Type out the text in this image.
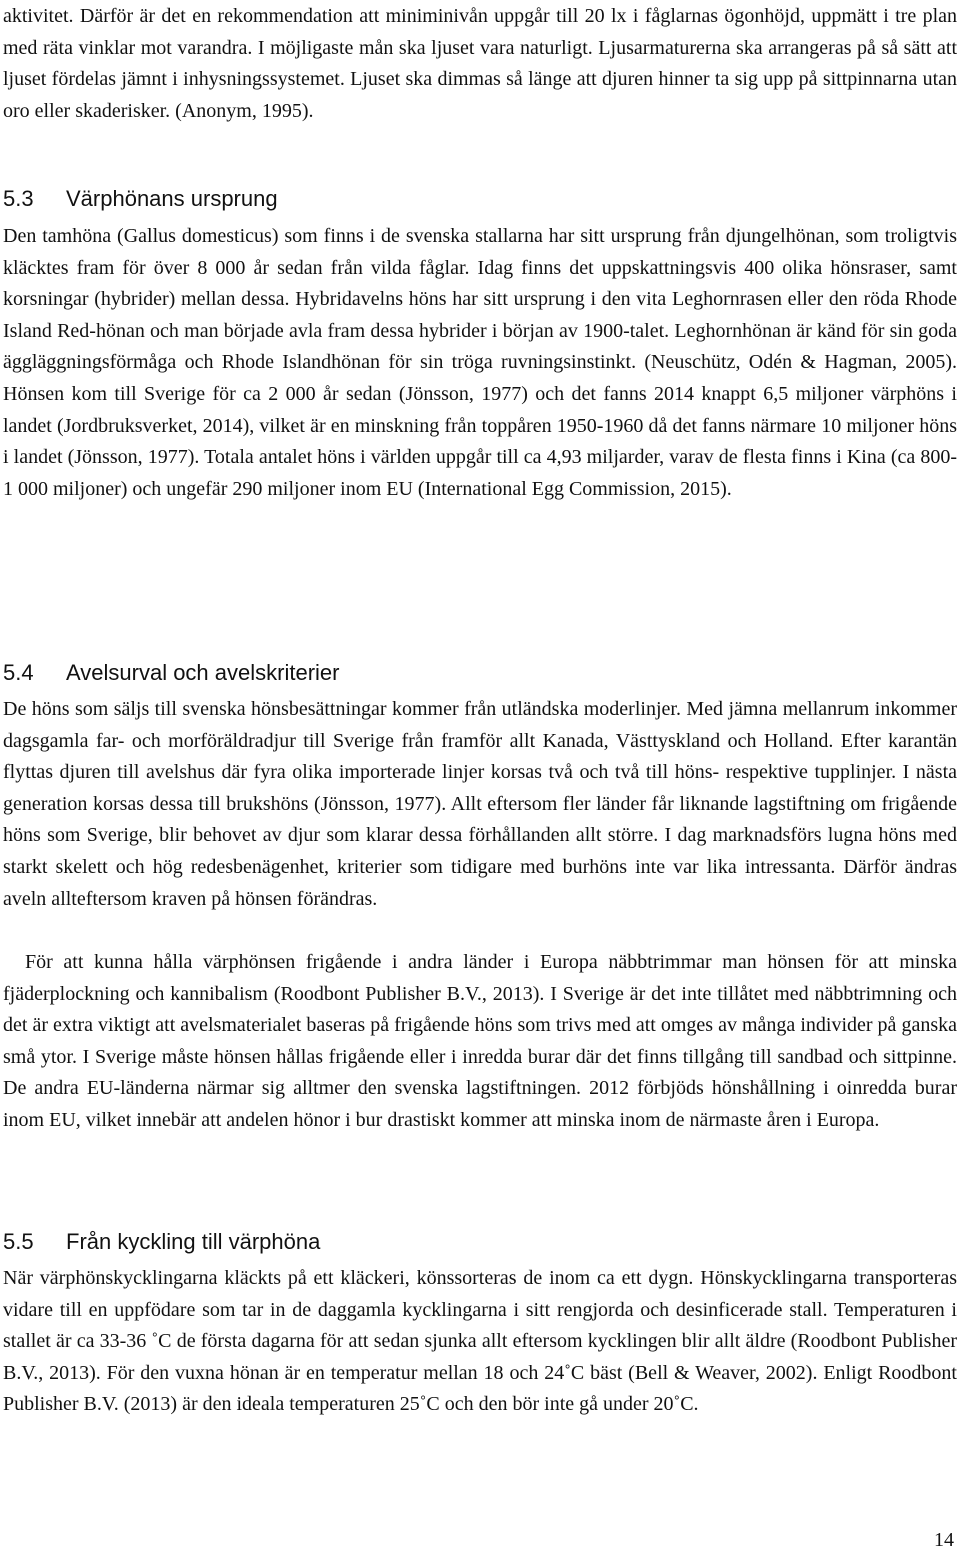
aktivitet. Därför är det en rekommendation att miniminivån uppgår till 20 lx i fåglarnas ögonhöjd, uppmätt i tre plan med räta vinklar mot varandra. I möjligaste mån ska ljuset vara naturligt. Ljusarmaturerna ska arrangeras på så sätt att ljuset fördelas jämnt i inhysningssystemet. Ljuset ska dimmas så länge att djuren hinner ta sig upp på sittpinnarna utan oro eller skaderisker. (Anonym, 1995).

5.3 Värphönans ursprung

Den tamhöna (Gallus domesticus) som finns i de svenska stallarna har sitt ursprung från djungelhönan, som troligtvis kläcktes fram för över 8 000 år sedan från vilda fåglar. Idag finns det uppskattningsvis 400 olika hönsraser, samt korsningar (hybrider) mellan dessa. Hybridavelns höns har sitt ursprung i den vita Leghornrasen eller den röda Rhode Island Red-hönan och man började avla fram dessa hybrider i början av 1900-talet. Leghornhönan är känd för sin goda äggläggningsförmåga och Rhode Islandhönan för sin tröga ruvningsinstinkt. (Neuschütz, Odén & Hagman, 2005). Hönsen kom till Sverige för ca 2 000 år sedan (Jönsson, 1977) och det fanns 2014 knappt 6,5 miljoner värphöns i landet (Jordbruksverket, 2014), vilket är en minskning från toppåren 1950-1960 då det fanns närmare 10 miljoner höns i landet (Jönsson, 1977). Totala antalet höns i världen uppgår till ca 4,93 miljarder, varav de flesta finns i Kina (ca 800- 1 000 miljoner) och ungefär 290 miljoner inom EU (International Egg Commission, 2015).

5.4 Avelsurval och avelskriterier

De höns som säljs till svenska hönsbesättningar kommer från utländska moderlinjer. Med jämna mellanrum inkommer dagsgamla far- och morföräldradjur till Sverige från framför allt Kanada, Västtyskland och Holland. Efter karantän flyttas djuren till avelshus där fyra olika importerade linjer korsas två och två till höns- respektive tupplinjer. I nästa generation korsas dessa till brukshöns (Jönsson, 1977). Allt eftersom fler länder får liknande lagstiftning om frigående höns som Sverige, blir behovet av djur som klarar dessa förhållanden allt större. I dag marknadsförs lugna höns med starkt skelett och hög redesbenägenhet, kriterier som tidigare med burhöns inte var lika intressanta. Därför ändras aveln allteftersom kraven på hönsen förändras.

För att kunna hålla värphönsen frigående i andra länder i Europa näbbtrimmar man hönsen för att minska fjäderplockning och kannibalism (Roodbont Publisher B.V., 2013). I Sverige är det inte tillåtet med näbbtrimning och det är extra viktigt att avelsmaterialet baseras på frigående höns som trivs med att omges av många individer på ganska små ytor. I Sverige måste hönsen hållas frigående eller i inredda burar där det finns tillgång till sandbad och sittpinne. De andra EU-länderna närmar sig alltmer den svenska lagstiftningen. 2012 förbjöds hönshållning i oinredda burar inom EU, vilket innebär att andelen hönor i bur drastiskt kommer att minska inom de närmaste åren i Europa.

5.5 Från kyckling till värphöna

När värphönskycklingarna kläckts på ett kläckeri, könssorteras de inom ca ett dygn. Hönskycklingarna transporteras vidare till en uppfödare som tar in de daggamla kycklingarna i sitt rengjorda och desinficerade stall. Temperaturen i stallet är ca 33-36 ˚C de första dagarna för att sedan sjunka allt eftersom kycklingen blir allt äldre (Roodbont Publisher B.V., 2013). För den vuxna hönan är en temperatur mellan 18 och 24˚C bäst (Bell & Weaver, 2002). Enligt Roodbont Publisher B.V. (2013) är den ideala temperaturen 25˚C och den bör inte gå under 20˚C.

14
